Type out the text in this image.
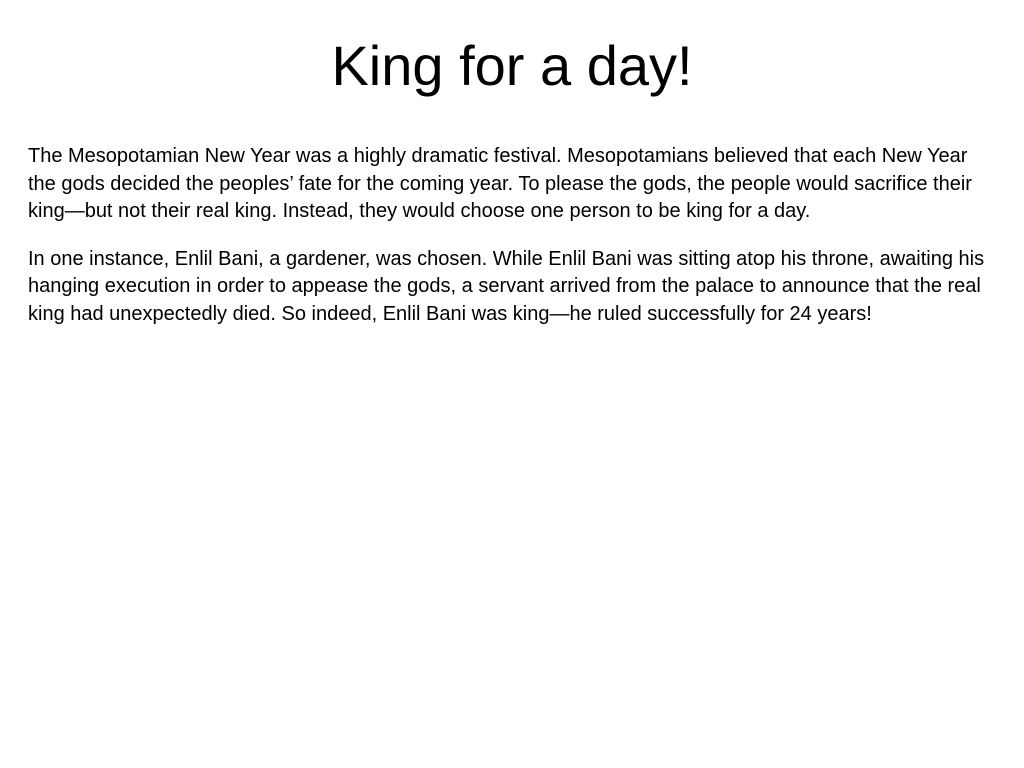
King for a day!

The Mesopotamian New Year was a highly dramatic festival. Mesopotamians believed that each New Year the gods decided the peoples’ fate for the coming year. To please the gods, the people would sacrifice their king—but not their real king. Instead, they would choose one person to be king for a day.

In one instance, Enlil Bani, a gardener, was chosen. While Enlil Bani was sitting atop his throne, awaiting his hanging execution in order to appease the gods, a servant arrived from the palace to announce that the real king had unexpectedly died. So indeed, Enlil Bani was king—he ruled successfully for 24 years!
